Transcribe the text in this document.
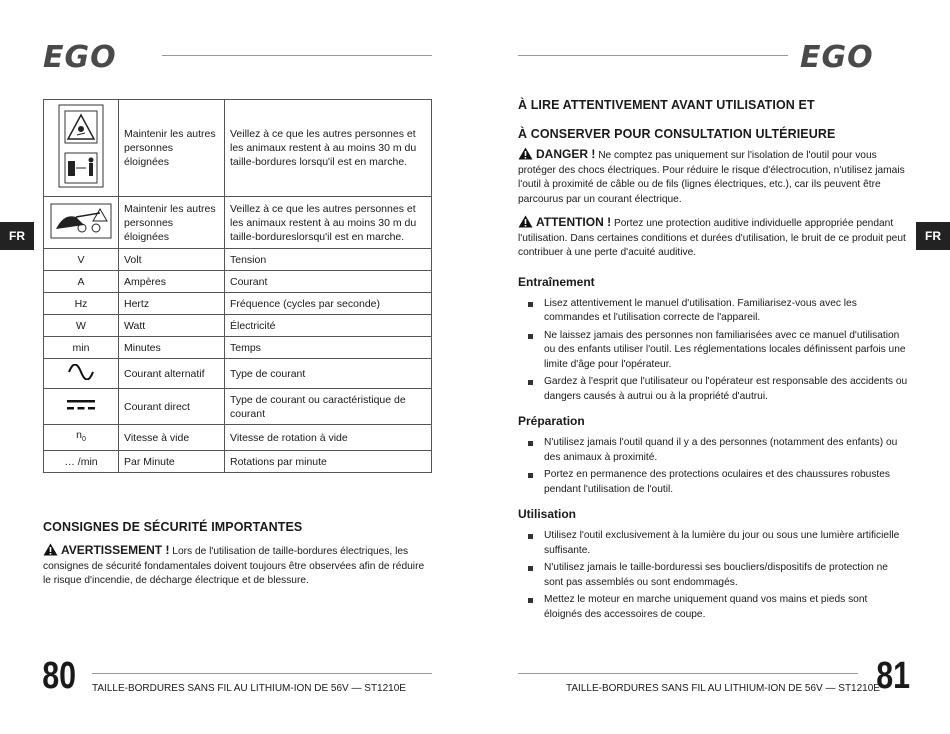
EGO	EGO
FR	FR
	Maintenir les autres personnes éloignées	Veillez à ce que les autres personnes et les animaux restent à au moins 30 m du taille-bordures lorsqu'il est en marche.
	Maintenir les autres personnes éloignées	Veillez à ce que les autres personnes et les animaux restent à au moins 30 m du taille-bordureslorsqu'il est en marche.
V	Volt	Tension
A	Ampères	Courant
Hz	Hertz	Fréquence (cycles par seconde)
W	Watt	Électricité
min	Minutes	Temps
	Courant alternatif	Type de courant
	Courant direct	Type de courant ou caractéristique de courant
$n_0$	Vitesse à vide	Vitesse de rotation à vide
… /min	Par Minute	Rotations par minute
CONSIGNES DE SÉCURITÉ IMPORTANTES
AVERTISSEMENT ! Lors de l'utilisation de taille-bordures électriques, les consignes de sécurité fondamentales doivent toujours être observées afin de réduire le risque d'incendie, de décharge électrique et de blessure.
À LIRE ATTENTIVEMENT AVANT UTILISATION ET
À CONSERVER POUR CONSULTATION ULTÉRIEURE
DANGER ! Ne comptez pas uniquement sur l'isolation de l'outil pour vous protéger des chocs électriques. Pour réduire le risque d'électrocution, n'utilisez jamais l'outil à proximité de câble ou de fils (lignes électriques, etc.), car ils peuvent être parcourus par un courant électrique.
ATTENTION ! Portez une protection auditive individuelle appropriée pendant l'utilisation. Dans certaines conditions et durées d'utilisation, le bruit de ce produit peut contribuer à une perte d'acuité auditive.
Entraînement
Lisez attentivement le manuel d'utilisation. Familiarisez-vous avec les commandes et l'utilisation correcte de l'appareil.
Ne laissez jamais des personnes non familiarisées avec ce manuel d'utilisation ou des enfants utiliser l'outil. Les réglementations locales définissent parfois une limite d'âge pour l'opérateur.
Gardez à l'esprit que l'utilisateur ou l'opérateur est responsable des accidents ou dangers causés à autrui ou à la propriété d'autrui.
Préparation
N'utilisez jamais l'outil quand il y a des personnes (notamment des enfants) ou des animaux à proximité.
Portez en permanence des protections oculaires et des chaussures robustes pendant l'utilisation de l'outil.
Utilisation
Utilisez l'outil exclusivement à la lumière du jour ou sous une lumière artificielle suffisante.
N'utilisez jamais le taille-borduressi ses boucliers/dispositifs de protection ne sont pas assemblés ou sont endommagés.
Mettez le moteur en marche uniquement quand vos mains et pieds sont éloignés des accessoires de coupe.
80 TAILLE-BORDURES SANS FIL AU LITHIUM-ION DE 56V — ST1210E	TAILLE-BORDURES SANS FIL AU LITHIUM-ION DE 56V — ST1210E
81
